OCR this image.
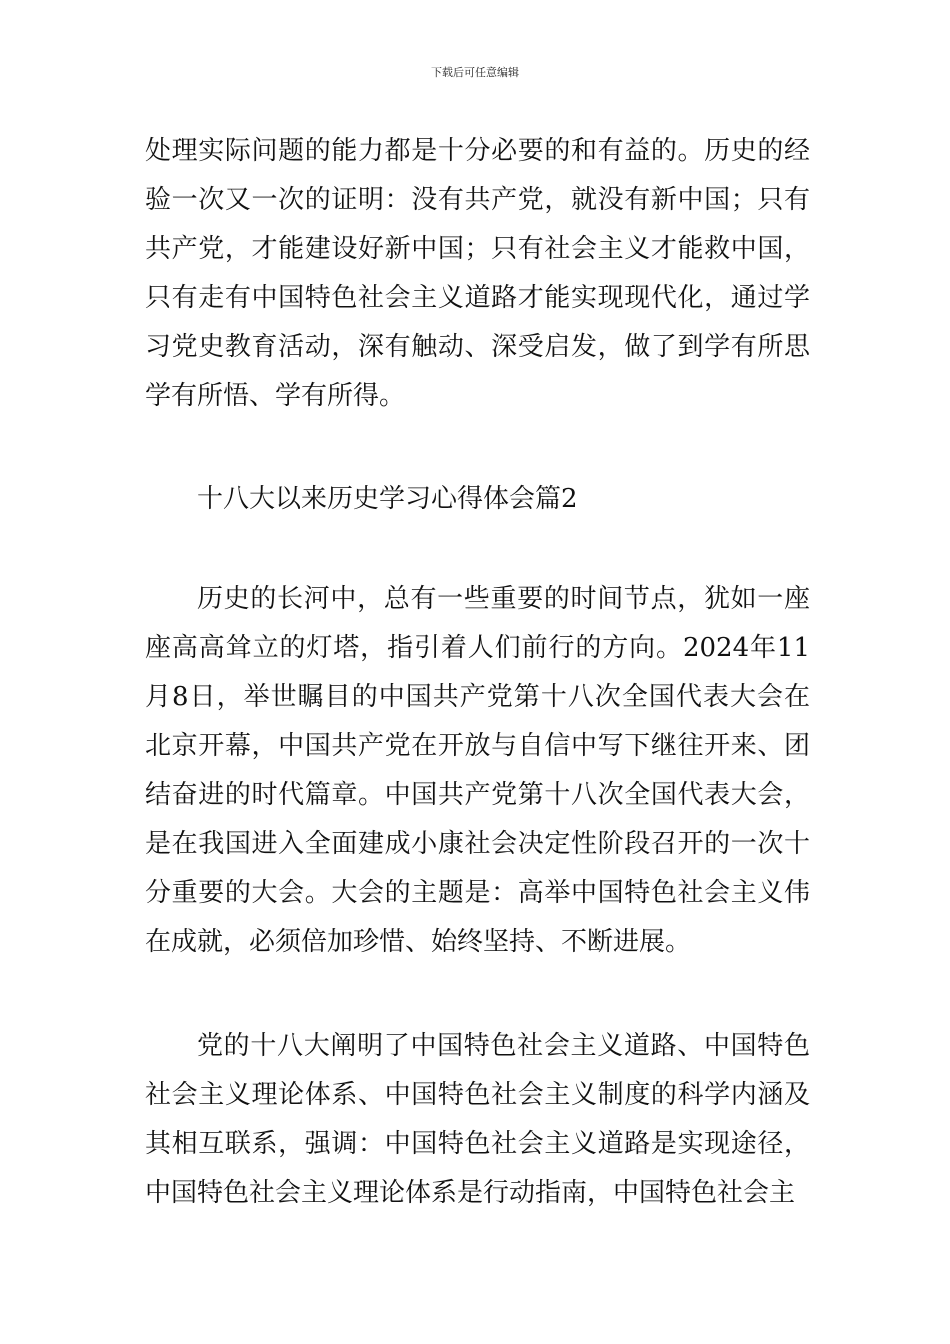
下载后可任意编辑

处理实际问题的能力都是十分必要的和有益的。历史的经验一次又一次的证明：没有共产党，就没有新中国；只有共产党，才能建设好新中国；只有社会主义才能救中国，只有走有中国特色社会主义道路才能实现现代化，通过学习党史教育活动，深有触动、深受启发，做了到学有所思学有所悟、学有所得。

十八大以来历史学习心得体会篇2

历史的长河中，总有一些重要的时间节点，犹如一座座高高耸立的灯塔，指引着人们前行的方向。2024年11月8日，举世瞩目的中国共产党第十八次全国代表大会在北京开幕，中国共产党在开放与自信中写下继往开来、团结奋进的时代篇章。中国共产党第十八次全国代表大会，是在我国进入全面建成小康社会决定性阶段召开的一次十分重要的大会。大会的主题是：高举中国特色社会主义伟在成就，必须倍加珍惜、始终坚持、不断进展。

党的十八大阐明了中国特色社会主义道路、中国特色社会主义理论体系、中国特色社会主义制度的科学内涵及其相互联系，强调：中国特色社会主义道路是实现途径，中国特色社会主义理论体系是行动指南，中国特色社会主
